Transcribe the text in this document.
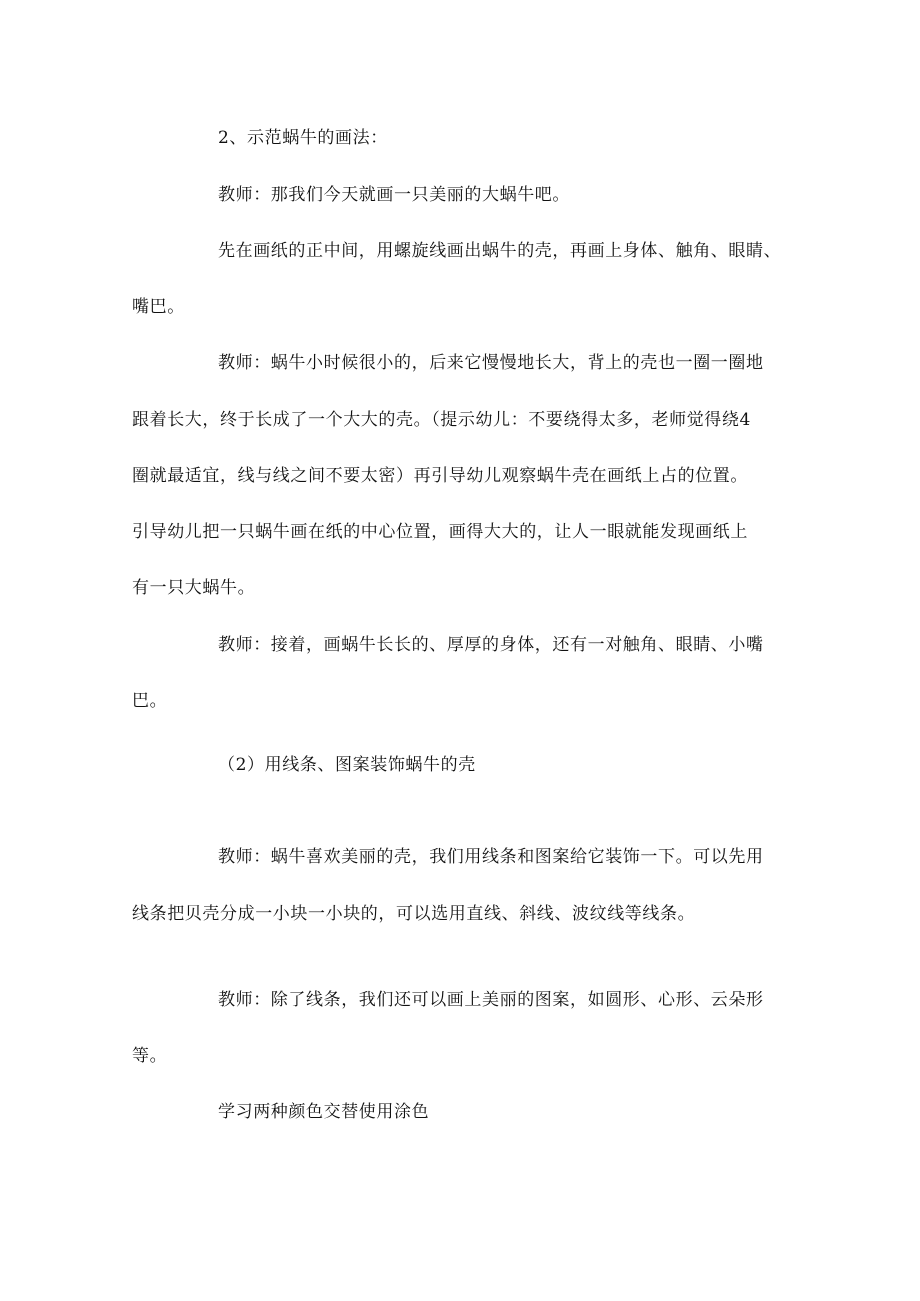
2、示范蜗牛的画法：
教师：那我们今天就画一只美丽的大蜗牛吧。
先在画纸的正中间，用螺旋线画出蜗牛的壳，再画上身体、触角、眼睛、
嘴巴。
教师：蜗牛小时候很小的，后来它慢慢地长大，背上的壳也一圈一圈地
跟着长大，终于长成了一个大大的壳。（提示幼儿：不要绕得太多，老师觉得绕4
圈就最适宜，线与线之间不要太密）再引导幼儿观察蜗牛壳在画纸上占的位置。
引导幼儿把一只蜗牛画在纸的中心位置，画得大大的，让人一眼就能发现画纸上
有一只大蜗牛。
教师：接着，画蜗牛长长的、厚厚的身体，还有一对触角、眼睛、小嘴
巴。
（2）用线条、图案装饰蜗牛的壳
教师：蜗牛喜欢美丽的壳，我们用线条和图案给它装饰一下。可以先用
线条把贝壳分成一小块一小块的，可以选用直线、斜线、波纹线等线条。
教师：除了线条，我们还可以画上美丽的图案，如圆形、心形、云朵形
等。
学习两种颜色交替使用涂色
